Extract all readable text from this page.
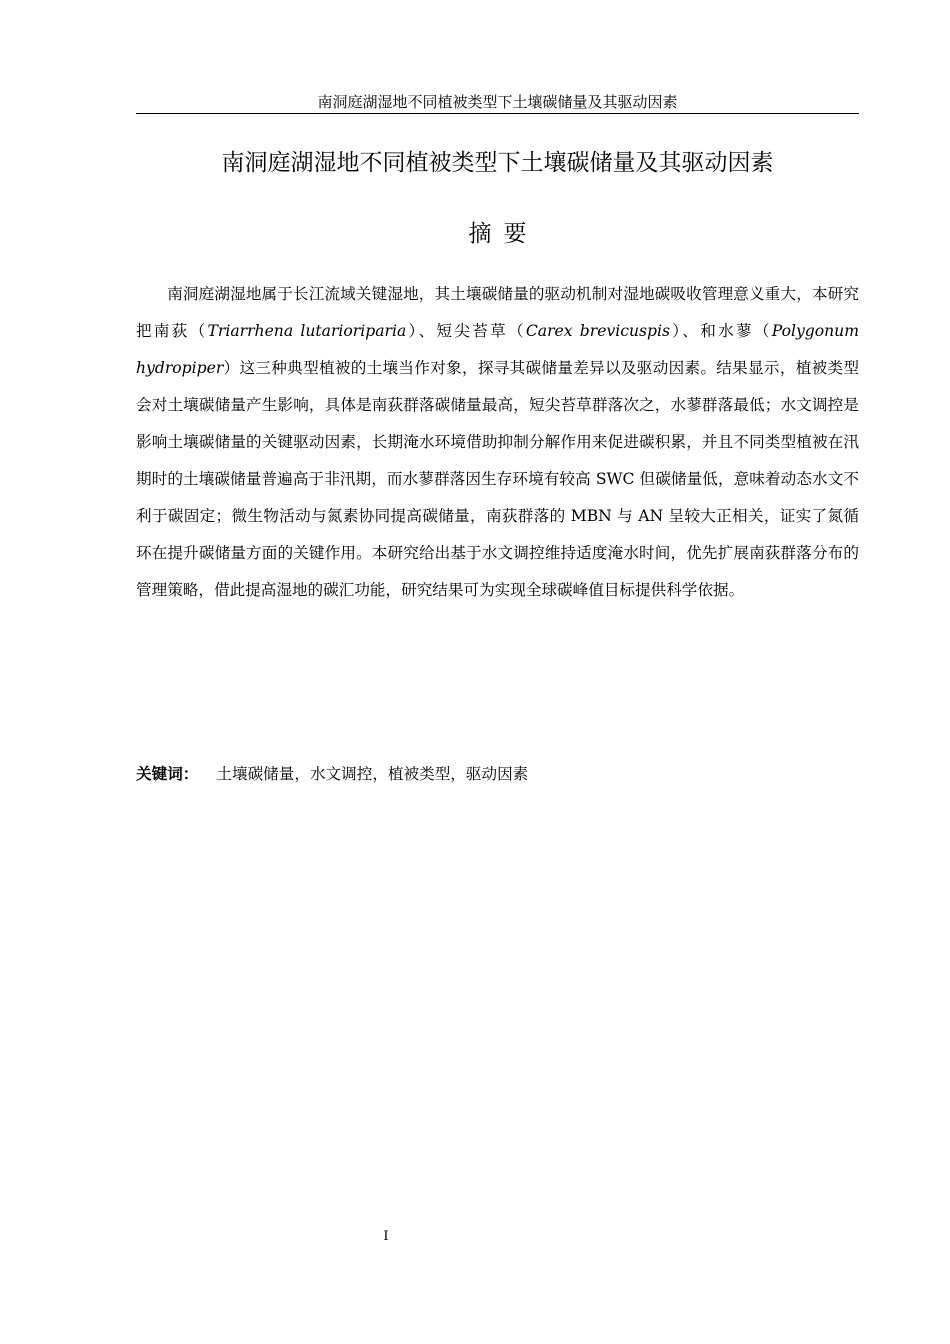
南洞庭湖湿地不同植被类型下土壤碳储量及其驱动因素
南洞庭湖湿地不同植被类型下土壤碳储量及其驱动因素
摘要

南洞庭湖湿地属于长江流域关键湿地，其土壤碳储量的驱动机制对湿地碳吸收管理意义重大，本研究把南荻（Triarrhena lutarioriparia）、短尖苔草（Carex brevicuspis）、和水蓼（Polygonum hydropiper）这三种典型植被的土壤当作对象，探寻其碳储量差异以及驱动因素。结果显示，植被类型会对土壤碳储量产生影响，具体是南荻群落碳储量最高，短尖苔草群落次之，水蓼群落最低；水文调控是影响土壤碳储量的关键驱动因素，长期淹水环境借助抑制分解作用来促进碳积累，并且不同类型植被在汛期时的土壤碳储量普遍高于非汛期，而水蓼群落因生存环境有较高 SWC 但碳储量低，意味着动态水文不利于碳固定；微生物活动与氮素协同提高碳储量，南荻群落的 MBN 与 AN 呈较大正相关，证实了氮循环在提升碳储量方面的关键作用。本研究给出基于水文调控维持适度淹水时间，优先扩展南荻群落分布的管理策略，借此提高湿地的碳汇功能，研究结果可为实现全球碳峰值目标提供科学依据。

关键词： 土壤碳储量，水文调控，植被类型，驱动因素
I
